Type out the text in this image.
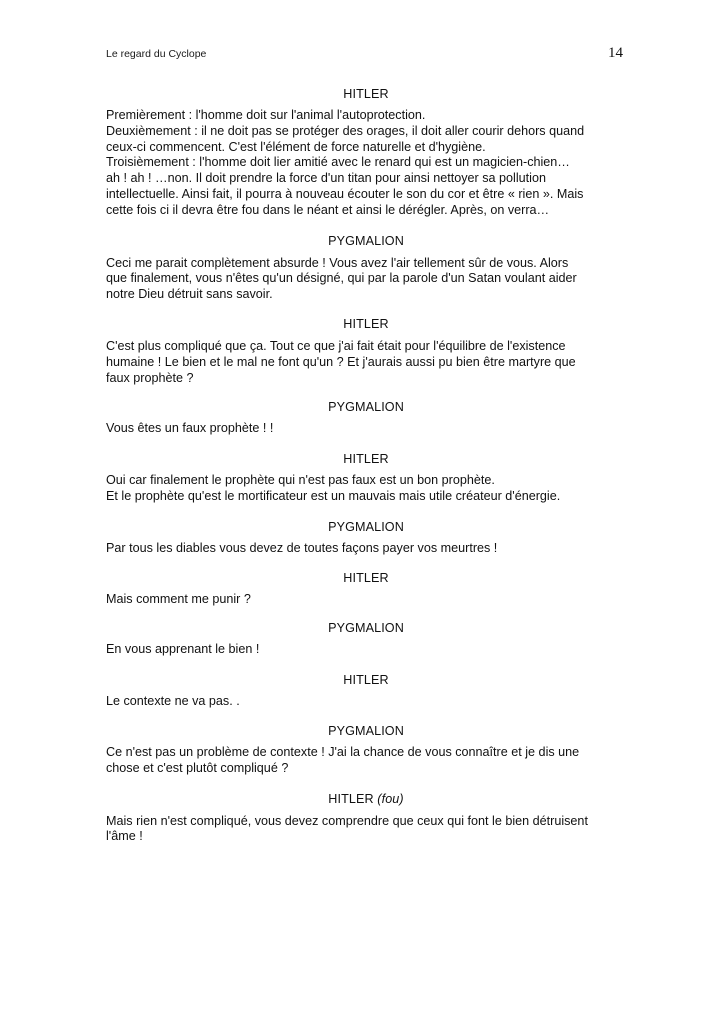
Le regard du Cyclope	14

HITLER

Premièrement : l'homme doit sur l'animal l'autoprotection.
Deuxièmement : il ne doit pas se protéger des orages, il doit aller courir dehors quand
ceux-ci commencent. C'est l'élément de force naturelle et d'hygiène.
Troisièmement : l'homme doit lier amitié avec le renard qui est un magicien-chien…
ah ! ah ! …non. Il doit prendre la force d'un titan pour ainsi nettoyer sa pollution
intellectuelle. Ainsi fait, il pourra à nouveau écouter le son du cor et être « rien ». Mais
cette fois ci il devra être fou dans le néant et ainsi le dérégler. Après, on verra…

PYGMALION

Ceci me parait complètement absurde ! Vous avez l'air tellement sûr de vous. Alors
que finalement, vous n'êtes qu'un désigné, qui par la parole d'un Satan voulant aider
notre Dieu détruit sans savoir.

HITLER

C'est plus compliqué que ça. Tout ce que j'ai fait était pour l'équilibre de l'existence
humaine ! Le bien et le mal ne font qu'un ? Et j'aurais aussi pu bien être martyre que
faux prophète ?

PYGMALION

Vous êtes un faux prophète ! !

HITLER

Oui car finalement le prophète qui n'est pas faux est un bon prophète.
Et le prophète qu'est le mortificateur est un mauvais mais utile créateur d'énergie.

PYGMALION

Par tous les diables vous devez de toutes façons payer vos meurtres !

HITLER

Mais comment me punir ?

PYGMALION

En vous apprenant le bien !

HITLER

Le contexte ne va pas. .

PYGMALION

Ce n'est pas un problème de contexte ! J'ai la chance de vous connaître et je dis une
chose et c'est plutôt compliqué ?

HITLER (fou)

Mais rien n'est compliqué, vous devez comprendre que ceux qui font le bien détruisent
l'âme !
